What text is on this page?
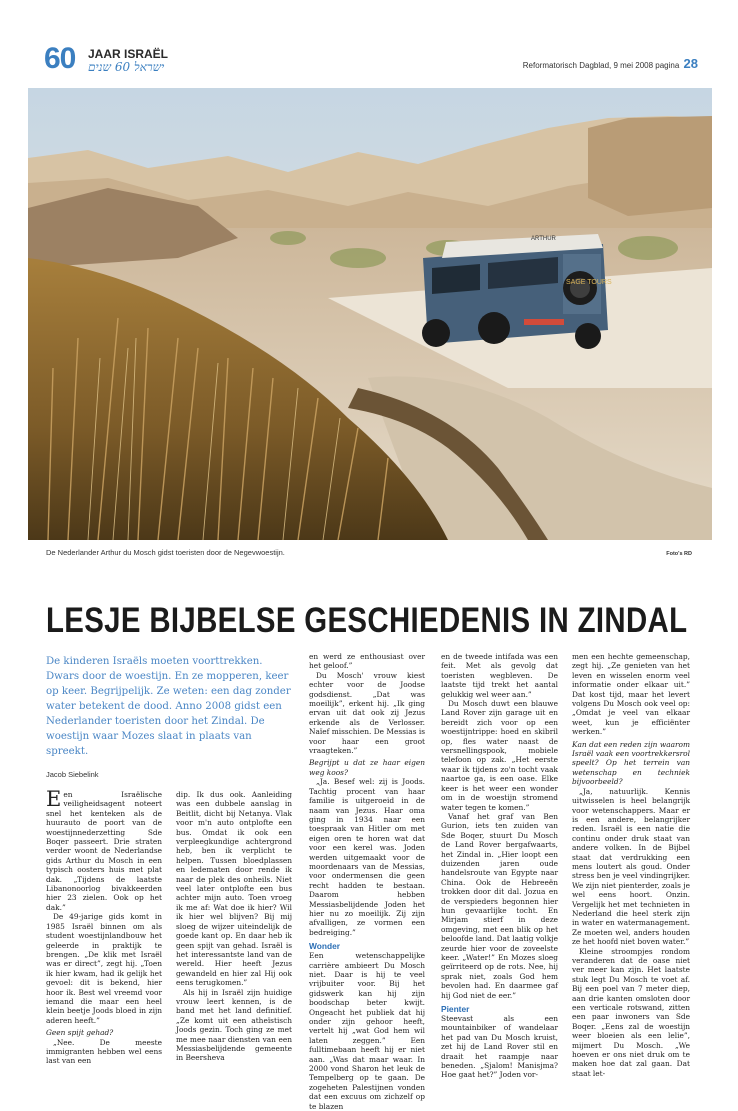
60 JAAR ISRAËL
ישראל 60 שנים	Reformatorisch Dagblad, 9 mei 2008 pagina 28
SAGE TOURS
ARTHUR
De Nederlander Arthur du Mosch gidst toeristen door de Negevwoestijn.	Foto's RD
LESJE BIJBELSE GESCHIEDENIS IN ZINDAL
De kinderen Israëls moeten voorttrekken. Dwars door de woestijn. En ze mopperen, keer op keer. Begrijpelijk. Ze weten: een dag zonder water betekent de dood. Anno 2008 gidst een Nederlander toeristen door het Zindal. De woestijn waar Mozes slaat in plaats van spreekt.
Jacob Siebelink

Een Israëlische veiligheidsagent noteert snel het kenteken als de huurauto de poort van de woestijnnederzetting Sde Boqer passeert. Drie straten verder woont de Nederlandse gids Arthur du Mosch in een typisch oosters huis met plat dak. „Tijdens de laatste Libanonoorlog bivakkeerden hier 23 zielen. Ook op het dak.”

De 49-jarige gids komt in 1985 Israël binnen om als student woestijnlandbouw het geleerde in praktijk te brengen. „De klik met Israël was er direct”, zegt hij. „Toen ik hier kwam, had ik gelijk het gevoel: dit is bekend, hier hoor ik. Best wel vreemd voor iemand die maar een heel klein beetje Joods bloed in zijn aderen heeft.”

Geen spijt gehad?

„Nee. De meeste immigranten hebben wel eens last van een

dip. Ik dus ook. Aanleiding was een dubbele aanslag in Beitlit, dicht bij Netanya. Vlak voor m'n auto ontplofte een bus. Omdat ik ook een verpleegkundige achtergrond heb, ben ik verplicht te helpen. Tussen bloedplassen en ledematen door rende ik naar de plek des onheils. Niet veel later ontplofte een bus achter mijn auto. Toen vroeg ik me af: Wat doe ik hier? Wil ik hier wel blijven? Bij mij sloeg de wijzer uiteindelijk de goede kant op. En daar heb ik geen spijt van gehad. Israël is het interessantste land van de wereld. Hier heeft Jezus gewandeld en hier zal Hij ook eens terugkomen.”

Als hij in Israël zijn huidige vrouw leert kennen, is de band met het land definitief. „Ze komt uit een atheïstisch Joods gezin. Toch ging ze met me mee naar diensten van een Messiasbelijdende gemeente in Beersheva

en werd ze enthousiast over het geloof.”

Du Mosch' vrouw kiest echter voor de Joodse godsdienst. „Dat was moeilijk”, erkent hij. „Ik ging ervan uit dat ook zij Jezus erkende als de Verlosser. Naïef misschien. De Messias is voor haar een groot vraagteken.”

Begrijpt u dat ze haar eigen weg koos?

„Ja. Besef wel: zij is Joods. Tachtig procent van haar familie is uitgeroeid in de naam van Jezus. Haar oma ging in 1934 naar een toespraak van Hitler om met eigen oren te horen wat dat voor een kerel was. Joden werden uitgemaakt voor de moordenaars van de Messias, voor ondermensen die geen recht hadden te bestaan. Daarom hebben Messiasbelijdende Joden het hier nu zo moeilijk. Zij zijn afvalligen, ze vormen een bedreiging.”

Wonder

Een wetenschappelijke carrière ambieert Du Mosch niet. Daar is hij te veel vrijbuiter voor. Bij het gidswerk kan hij zijn boodschap beter kwijt. Ongeacht het publiek dat hij onder zijn gehoor heeft, vertelt hij „wat God hem wil laten zeggen.” Een fulltimebaan heeft hij er niet aan. „Was dat maar waar. In 2000 vond Sharon het leuk de Tempelberg op te gaan. De zogeheten Palestijnen vonden dat een excuus om zichzelf op te blazen

en de tweede intifada was een feit. Met als gevolg dat toeristen wegbleven. De laatste tijd trekt het aantal gelukkig wel weer aan.”

Du Mosch duwt een blauwe Land Rover zijn garage uit en bereidt zich voor op een woestijntrippe: hoed en skibril op, fles water naast de versnellingspook, mobiele telefoon op zak. „Het eerste waar ik tijdens zo'n tocht vaak naartoe ga, is een oase. Elke keer is het weer een wonder om in de woestijn stromend water tegen te komen.”

Vanaf het graf van Ben Gurion, iets ten zuiden van Sde Boqer, stuurt Du Mosch de Land Rover bergafwaarts, het Zindal in. „Hier loopt een duizenden jaren oude handelsroute van Egypte naar China. Ook de Hebreeën trokken door dit dal. Jozua en de verspieders begonnen hier hun gevaarlijke tocht. En Mirjam stierf in deze omgeving, met een blik op het beloofde land. Dat laatig volkje zeurde hier voor de zoveelste keer. „Water!” En Mozes sloeg geïrriteerd op de rots. Nee, hij sprak niet, zoals God hem bevolen had. En daarmee gaf hij God niet de eer.”

Pienter

Steevast als een mountainbiker of wandelaar het pad van Du Mosch kruist, zet hij de Land Rover stil en draait het raampje naar beneden. „Sjalom! Manisjma? Hoe gaat het?” Joden vor-

men een hechte gemeenschap, zegt hij. „Ze genieten van het leven en wisselen enorm veel informatie onder elkaar uit.” Dat kost tijd, maar het levert volgens Du Mosch ook veel op: „Omdat je veel van elkaar weet, kun je efficiënter werken.”

Kan dat een reden zijn waarom Israël vaak een voortrekkersrol speelt? Op het terrein van wetenschap en techniek bijvoorbeeld?

„Ja, natuurlijk. Kennis uitwisselen is heel belangrijk voor wetenschappers. Maar er is een andere, belangrijker reden. Israël is een natie die continu onder druk staat van andere volken. In de Bijbel staat dat verdrukking een mens loutert als goud. Onder stress ben je veel vindingrijker. We zijn niet pienterder, zoals je wel eens hoort. Onzin. Vergelijk het met technieten in Nederland die heel sterk zijn in water en watermanagement. Ze moeten wel, anders houden ze het hoofd niet boven water.”

Kleine stroompjes rondom veranderen dat de oase niet ver meer kan zijn. Het laatste stuk legt Du Mosch te voet af. Bij een poel van 7 meter diep, aan drie kanten omsloten door een verticale rotswand, zitten een paar inwoners van Sde Boqer. „Eens zal de woestijn weer bloeien als een lelie”, mijmert Du Mosch. „We hoeven er ons niet druk om te maken hoe dat zal gaan. Dat staat let-
